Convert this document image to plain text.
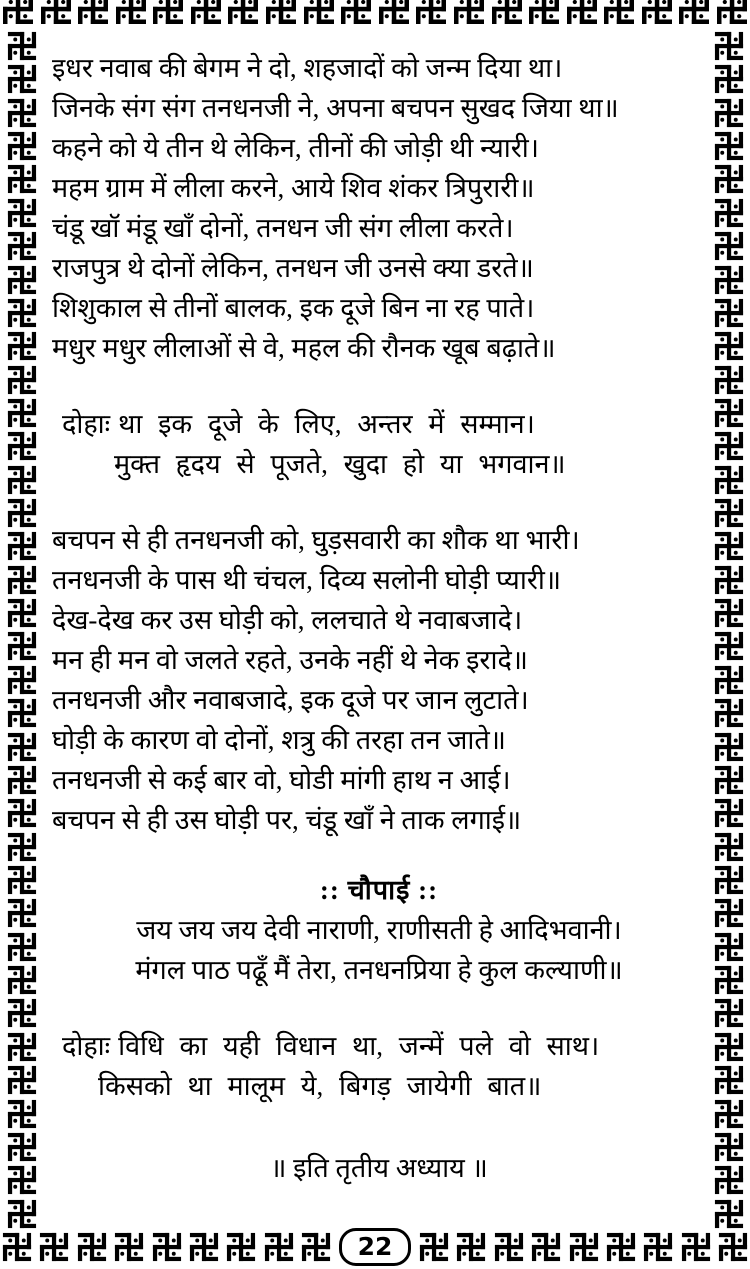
22
इधर नवाब की बेगम ने दो, शहजादों को जन्म दिया था।
जिनके संग संग तनधनजी ने, अपना बचपन सुखद जिया था॥
कहने को ये तीन थे लेकिन, तीनों की जोड़ी थी न्यारी।
महम ग्राम में लीला करने, आये शिव शंकर त्रिपुरारी॥
चंडू खॉ मंडू खाँ दोनों, तनधन जी संग लीला करते।
राजपुत्र थे दोनों लेकिन, तनधन जी उनसे क्या डरते॥
शिशुकाल से तीनों बालक, इक दूजे बिन ना रह पाते।
मधुर मधुर लीलाओं से वे, महल की रौनक खूब बढ़ाते॥
दोहाः था इक दूजे के लिए, अन्तर में सम्मान।
मुक्त हृदय से पूजते, खुदा हो या भगवान॥
बचपन से ही तनधनजी को, घुड़सवारी का शौक था भारी।
तनधनजी के पास थी चंचल, दिव्य सलोनी घोड़ी प्यारी॥
देख-देख कर उस घोड़ी को, ललचाते थे नवाबजादे।
मन ही मन वो जलते रहते, उनके नहीं थे नेक इरादे॥
तनधनजी और नवाबजादे, इक दूजे पर जान लुटाते।
घोड़ी के कारण वो दोनों, शत्रु की तरहा तन जाते॥
तनधनजी से कई बार वो, घोडी मांगी हाथ न आई।
बचपन से ही उस घोड़ी पर, चंडू खाँ ने ताक लगाई॥
:: चौपाई ::
जय जय जय देवी नाराणी, राणीसती हे आदिभवानी।
मंगल पाठ पढूँ मैं तेरा, तनधनप्रिया हे कुल कल्याणी॥
दोहाः विधि का यही विधान था, जन्में पले वो साथ।
किसको था मालूम ये, बिगड़ जायेगी बात॥
॥ इति तृतीय अध्याय ॥
